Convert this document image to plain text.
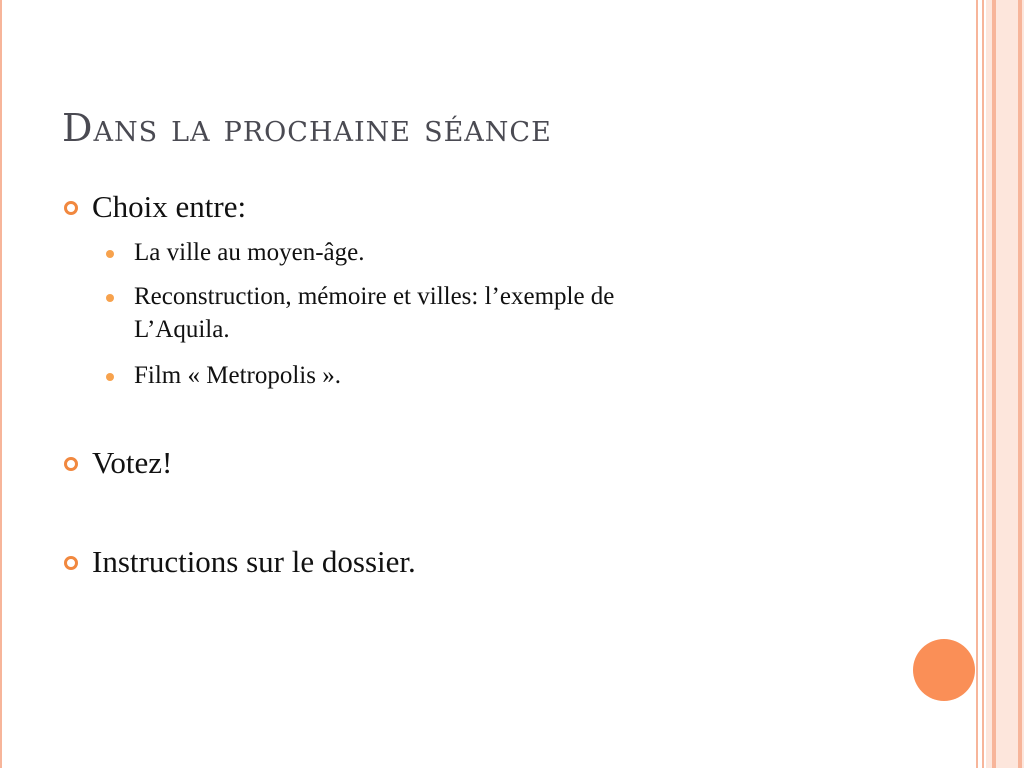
Dans la prochaine séance
Choix entre:
La ville au moyen-âge.
Reconstruction, mémoire et villes: l’exemple de
L’Aquila.
Film « Metropolis ».
Votez!
Instructions sur le dossier.
